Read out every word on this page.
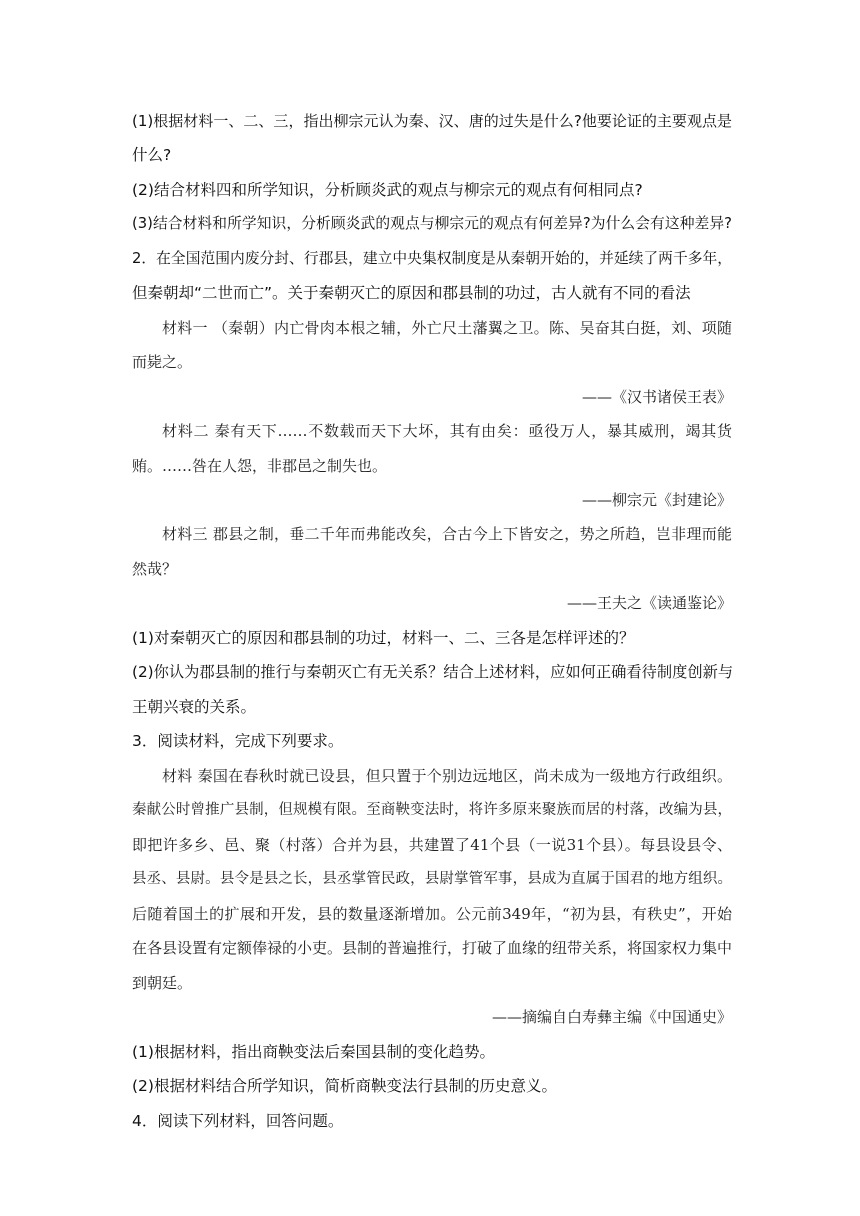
(1)根据材料一、二、三，指出柳宗元认为秦、汉、唐的过失是什么?他要论证的主要观点是
什么?
(2)结合材料四和所学知识，分析顾炎武的观点与柳宗元的观点有何相同点?
(3)结合材料和所学知识，分析顾炎武的观点与柳宗元的观点有何差异?为什么会有这种差异?
2．在全国范围内废分封、行郡县，建立中央集权制度是从秦朝开始的，并延续了两千多年，
但秦朝却“二世而亡”。关于秦朝灭亡的原因和郡县制的功过，古人就有不同的看法
材料一 （秦朝）内亡骨肉本根之辅，外亡尺土藩翼之卫。陈、吴奋其白挺，刘、项随
而毙之。
——《汉书诸侯王表》
材料二 秦有天下……不数载而天下大坏，其有由矣：亟役万人，暴其威刑，竭其货
贿。……咎在人怨，非郡邑之制失也。
——柳宗元《封建论》
材料三 郡县之制，垂二千年而弗能改矣，合古今上下皆安之，势之所趋，岂非理而能
然哉？
——王夫之《读通鉴论》
(1)对秦朝灭亡的原因和郡县制的功过，材料一、二、三各是怎样评述的？
(2)你认为郡县制的推行与秦朝灭亡有无关系？结合上述材料，应如何正确看待制度创新与
王朝兴衰的关系。
3．阅读材料，完成下列要求。
材料 秦国在春秋时就已设县，但只置于个别边远地区，尚未成为一级地方行政组织。
秦献公时曾推广县制，但规模有限。至商鞅变法时，将许多原来聚族而居的村落，改编为县，
即把许多乡、邑、聚（村落）合并为县，共建置了41个县（一说31个县）。每县设县令、
县丞、县尉。县令是县之长，县丞掌管民政，县尉掌管军事，县成为直属于国君的地方组织。
后随着国土的扩展和开发，县的数量逐渐增加。公元前349年，“初为县，有秩史”，开始
在各县设置有定额俸禄的小吏。县制的普遍推行，打破了血缘的纽带关系，将国家权力集中
到朝廷。
——摘编自白寿彝主编《中国通史》
(1)根据材料，指出商鞅变法后秦国县制的变化趋势。
(2)根据材料结合所学知识，简析商鞅变法行县制的历史意义。
4．阅读下列材料，回答问题。
